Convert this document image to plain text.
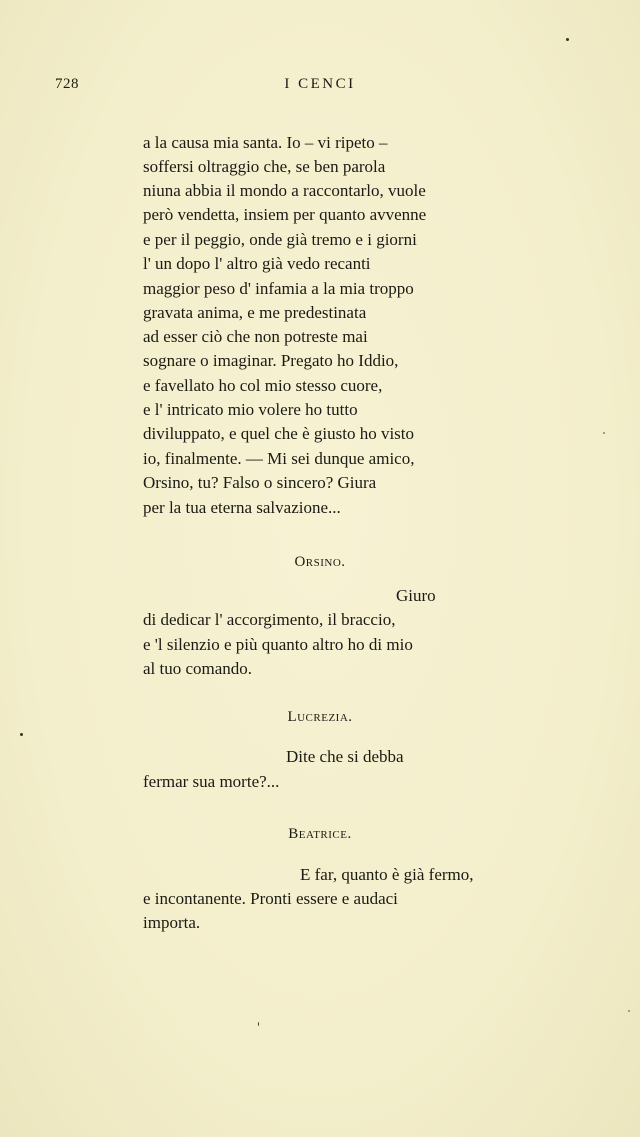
728	I CENCI
a la causa mia santa. Io – vi ripeto –
soffersi oltraggio che, se ben parola
niuna abbia il mondo a raccontarlo, vuole
però vendetta, insiem per quanto avvenne
e per il peggio, onde già tremo e i giorni
l' un dopo l' altro già vedo recanti
maggior peso d' infamia a la mia troppo
gravata anima, e me predestinata
ad esser ciò che non potreste mai
sognare o imaginar. Pregato ho Iddio,
e favellato ho col mio stesso cuore,
e l' intricato mio volere ho tutto
diviluppato, e quel che è giusto ho visto
io, finalmente. — Mi sei dunque amico,
Orsino, tu? Falso o sincero? Giura
per la tua eterna salvazione...
Orsino.
Giuro
di dedicar l' accorgimento, il braccio,
e 'l silenzio e più quanto altro ho di mio
al tuo comando.
Lucrezia.
Dite che si debba
fermar sua morte?...
Beatrice.
E far, quanto è già fermo,
e incontanente. Pronti essere e audaci
importa.
